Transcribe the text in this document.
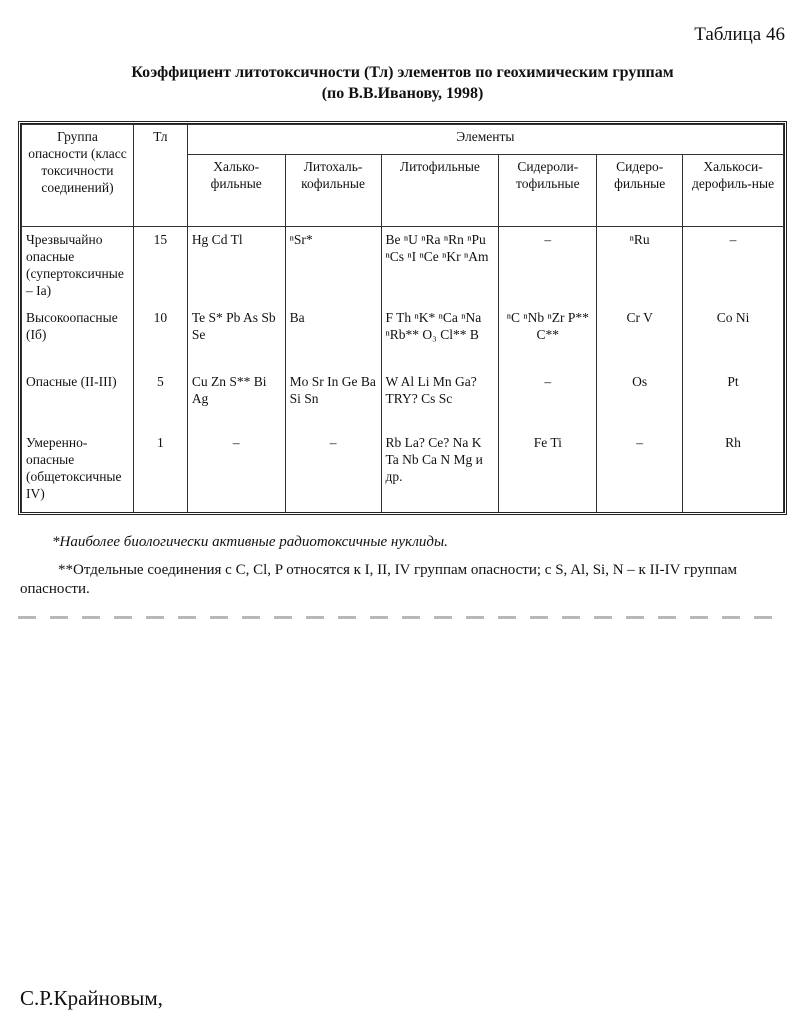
Таблица 46
Коэффициент литотоксичности (Тл) элементов по геохимическим группам
(по В.В.Иванову, 1998)
Группа опасности (класс токсичности соединений)	Тл	Элементы					
		Халько-фильные	Литохаль-кофильные	Литофильные	Сидероли-тофильные	Сидеро-фильные	Халькоси-дерофиль-ные
Чрезвычайно опасные (супертоксичные – Iа)	15	Hg Cd Tl	ⁿSr*	Be ⁿU ⁿRa ⁿRn ⁿPu ⁿCs ⁿI ⁿCe ⁿKr ⁿAm	–	ⁿRu	–
Высокоопасные (Iб)	10	Te S* Pb As Sb Se	Ba	F Th ⁿK* ⁿCa ⁿNa ⁿRb** O₃ Cl** B	ⁿC ⁿNb ⁿZr P** C**	Cr V	Co Ni
Опасные (II-III)	5	Cu Zn S** Bi Ag	Mo Sr In Ge Ba Si Sn	W Al Li Mn Ga? TRY? Cs Sc	–	Os	Pt
Умеренно-опасные (общетоксичные IV)	1	–	–	Rb La? Ce? Na K Ta Nb Ca N Mg и др.	Fe Ti	–	Rh
*Наиболее биологически активные радиотоксичные нуклиды.
**Отдельные соединения с C, Cl, P относятся к I, II, IV группам опасности; с S, Al, Si, N – к II-IV группам опасности.
С.Р.Крайновым,
